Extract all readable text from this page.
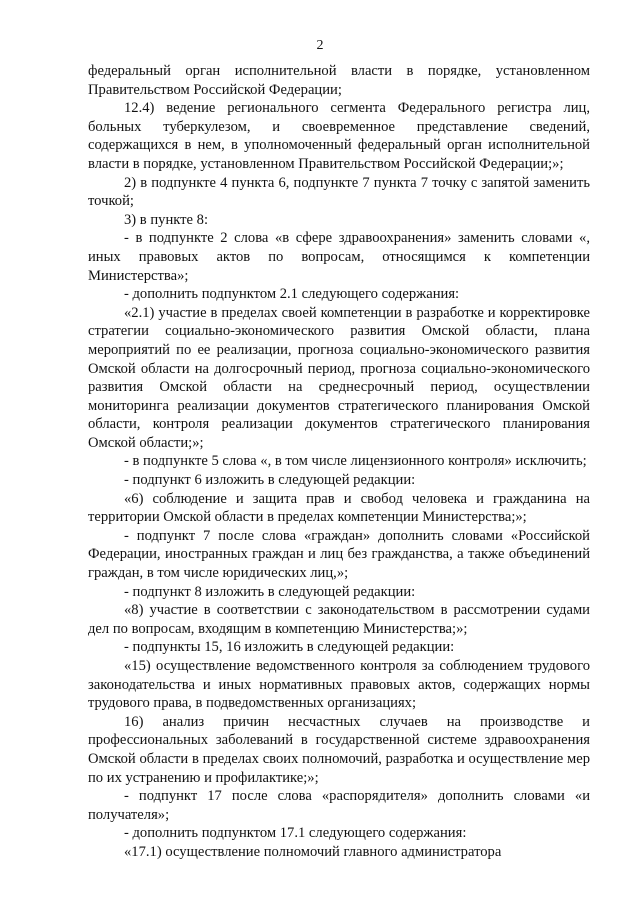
2

федеральный орган исполнительной власти в порядке, установленном Правительством Российской Федерации;

12.4) ведение регионального сегмента Федерального регистра лиц, больных туберкулезом, и своевременное представление сведений, содержащихся в нем, в уполномоченный федеральный орган исполнительной власти в порядке, установленном Правительством Российской Федерации;»;

2) в подпункте 4 пункта 6, подпункте 7 пункта 7 точку с запятой заменить точкой;

3) в пункте 8:

- в подпункте 2 слова «в сфере здравоохранения» заменить словами «, иных правовых актов по вопросам, относящимся к компетенции Министерства»;

- дополнить подпунктом 2.1 следующего содержания:

«2.1) участие в пределах своей компетенции в разработке и корректировке стратегии социально-экономического развития Омской области, плана мероприятий по ее реализации, прогноза социально-экономического развития Омской области на долгосрочный период, прогноза социально-экономического развития Омской области на среднесрочный период, осуществлении мониторинга реализации документов стратегического планирования Омской области, контроля реализации документов стратегического планирования Омской области;»;

- в подпункте 5 слова «, в том числе лицензионного контроля» исключить;

- подпункт 6 изложить в следующей редакции:

«6) соблюдение и защита прав и свобод человека и гражданина на территории Омской области в пределах компетенции Министерства;»;

- подпункт 7 после слова «граждан» дополнить словами «Российской Федерации, иностранных граждан и лиц без гражданства, а также объединений граждан, в том числе юридических лиц,»;

- подпункт 8 изложить в следующей редакции:

«8) участие в соответствии с законодательством в рассмотрении судами дел по вопросам, входящим в компетенцию Министерства;»;

- подпункты 15, 16 изложить в следующей редакции:

«15) осуществление ведомственного контроля за соблюдением трудового законодательства и иных нормативных правовых актов, содержащих нормы трудового права, в подведомственных организациях;

16) анализ причин несчастных случаев на производстве и профессиональных заболеваний в государственной системе здравоохранения Омской области в пределах своих полномочий, разработка и осуществление мер по их устранению и профилактике;»;

- подпункт 17 после слова «распорядителя» дополнить словами «и получателя»;

- дополнить подпунктом 17.1 следующего содержания:

«17.1) осуществление полномочий главного администратора
